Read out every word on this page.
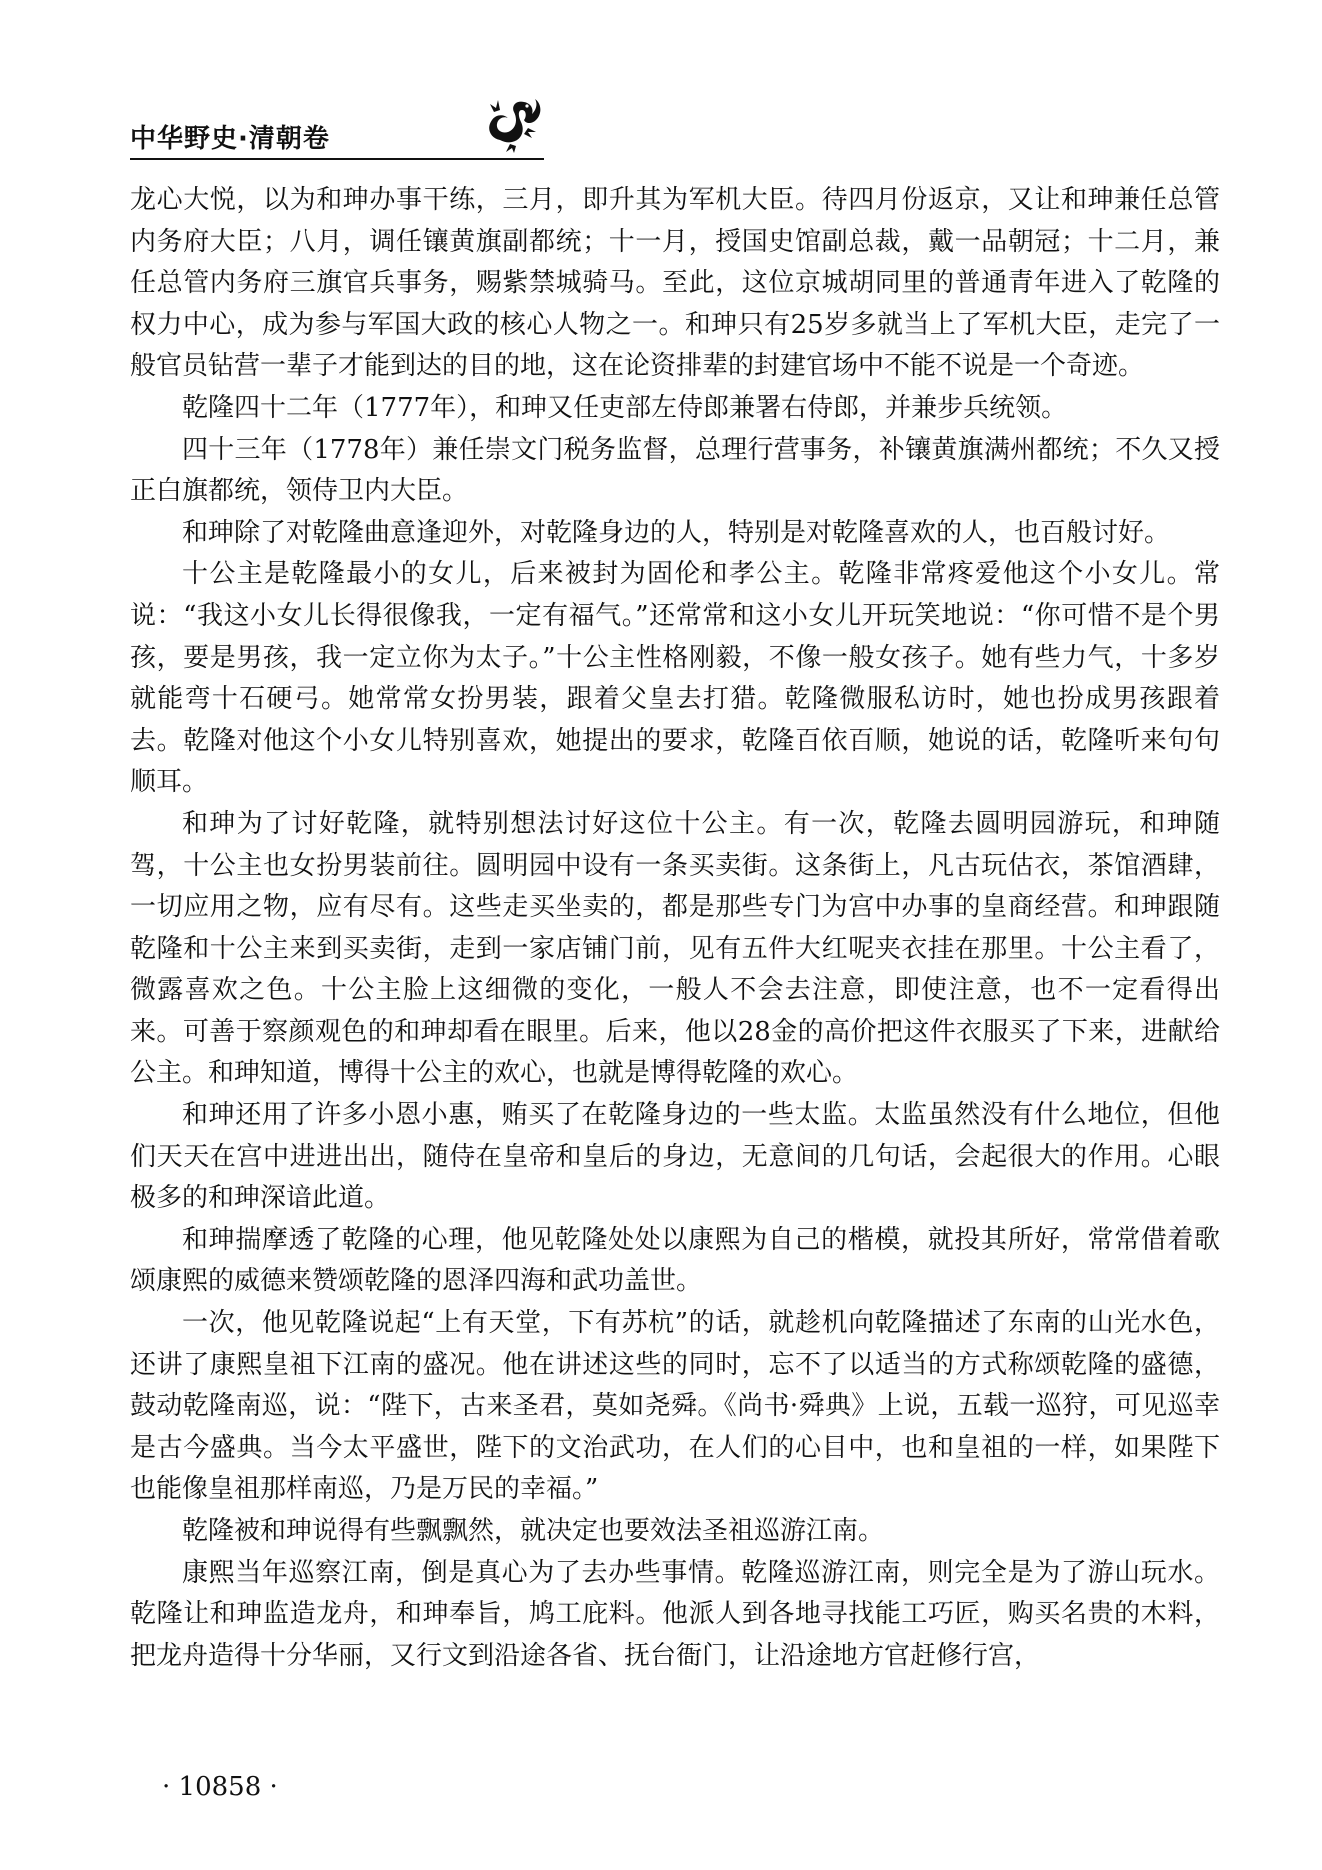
中华野史·清朝卷

龙心大悦，以为和珅办事干练，三月，即升其为军机大臣。待四月份返京，又让和珅兼任总管内务府大臣；八月，调任镶黄旗副都统；十一月，授国史馆副总裁，戴一品朝冠；十二月，兼任总管内务府三旗官兵事务，赐紫禁城骑马。至此，这位京城胡同里的普通青年进入了乾隆的权力中心，成为参与军国大政的核心人物之一。和珅只有25岁多就当上了军机大臣，走完了一般官员钻营一辈子才能到达的目的地，这在论资排辈的封建官场中不能不说是一个奇迹。

乾隆四十二年（1777年），和珅又任吏部左侍郎兼署右侍郎，并兼步兵统领。

四十三年（1778年）兼任崇文门税务监督，总理行营事务，补镶黄旗满州都统；不久又授正白旗都统，领侍卫内大臣。

和珅除了对乾隆曲意逢迎外，对乾隆身边的人，特别是对乾隆喜欢的人，也百般讨好。

十公主是乾隆最小的女儿，后来被封为固伦和孝公主。乾隆非常疼爱他这个小女儿。常说：“我这小女儿长得很像我，一定有福气。”还常常和这小女儿开玩笑地说：“你可惜不是个男孩，要是男孩，我一定立你为太子。”十公主性格刚毅，不像一般女孩子。她有些力气，十多岁就能弯十石硬弓。她常常女扮男装，跟着父皇去打猎。乾隆微服私访时，她也扮成男孩跟着去。乾隆对他这个小女儿特别喜欢，她提出的要求，乾隆百依百顺，她说的话，乾隆听来句句顺耳。

和珅为了讨好乾隆，就特别想法讨好这位十公主。有一次，乾隆去圆明园游玩，和珅随驾，十公主也女扮男装前往。圆明园中设有一条买卖街。这条街上，凡古玩估衣，茶馆酒肆，一切应用之物，应有尽有。这些走买坐卖的，都是那些专门为宫中办事的皇商经营。和珅跟随乾隆和十公主来到买卖街，走到一家店铺门前，见有五件大红呢夹衣挂在那里。十公主看了，微露喜欢之色。十公主脸上这细微的变化，一般人不会去注意，即使注意，也不一定看得出来。可善于察颜观色的和珅却看在眼里。后来，他以28金的高价把这件衣服买了下来，进献给公主。和珅知道，博得十公主的欢心，也就是博得乾隆的欢心。

和珅还用了许多小恩小惠，贿买了在乾隆身边的一些太监。太监虽然没有什么地位，但他们天天在宫中进进出出，随侍在皇帝和皇后的身边，无意间的几句话，会起很大的作用。心眼极多的和珅深谙此道。

和珅揣摩透了乾隆的心理，他见乾隆处处以康熙为自己的楷模，就投其所好，常常借着歌颂康熙的威德来赞颂乾隆的恩泽四海和武功盖世。

一次，他见乾隆说起“上有天堂，下有苏杭”的话，就趁机向乾隆描述了东南的山光水色，还讲了康熙皇祖下江南的盛况。他在讲述这些的同时，忘不了以适当的方式称颂乾隆的盛德，鼓动乾隆南巡，说：“陛下，古来圣君，莫如尧舜。《尚书·舜典》上说，五载一巡狩，可见巡幸是古今盛典。当今太平盛世，陛下的文治武功，在人们的心目中，也和皇祖的一样，如果陛下也能像皇祖那样南巡，乃是万民的幸福。”

乾隆被和珅说得有些飘飘然，就决定也要效法圣祖巡游江南。

康熙当年巡察江南，倒是真心为了去办些事情。乾隆巡游江南，则完全是为了游山玩水。乾隆让和珅监造龙舟，和珅奉旨，鸠工庇料。他派人到各地寻找能工巧匠，购买名贵的木料，把龙舟造得十分华丽，又行文到沿途各省、抚台衙门，让沿途地方官赶修行宫，

· 10858 ·
